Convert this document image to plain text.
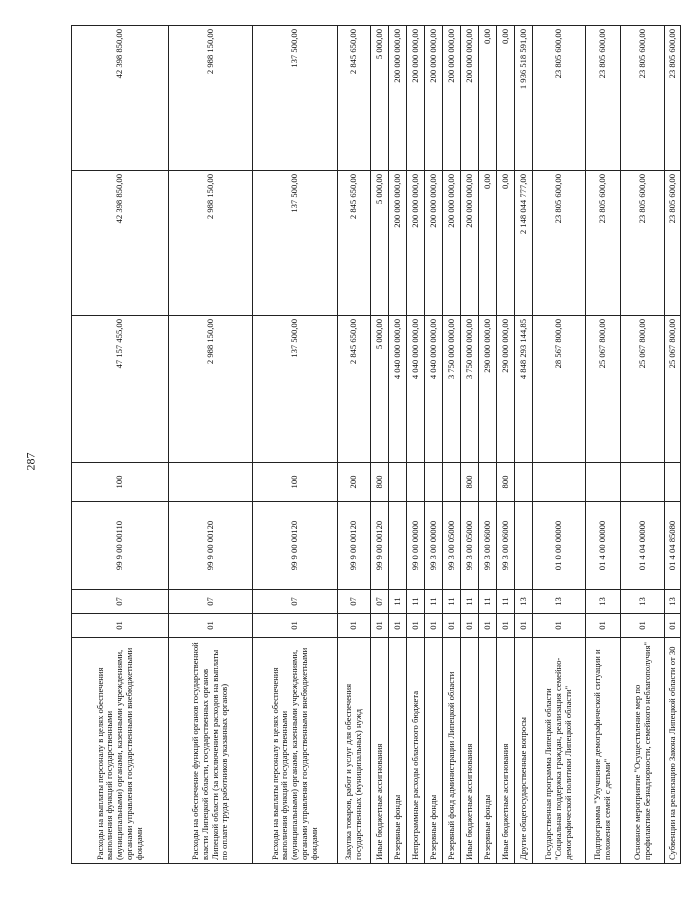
287
Расходы на выплаты персоналу в целях обеспечения выполнения функций государственными (муниципальными) органами, казенными учреждениями, органами управления государственными внебюджетными фондами	01	07	99 9 00 00110	100	47 157 455,00	42 398 850,00	42 398 850,00
Расходы на обеспечение функций органов государственной власти Липецкой области, государственных органов Липецкой области (за исключением расходов на выплаты по оплате труда работников указанных органов)	01	07	99 9 00 00120		2 988 150,00	2 988 150,00	2 988 150,00
Расходы на выплаты персоналу в целях обеспечения выполнения функций государственными (муниципальными) органами, казенными учреждениями, органами управления государственными внебюджетными фондами	01	07	99 9 00 00120	100	137 500,00	137 500,00	137 500,00
Закупка товаров, работ и услуг для обеспечения государственных (муниципальных) нужд	01	07	99 9 00 00120	200	2 845 650,00	2 845 650,00	2 845 650,00
Иные бюджетные ассигнования	01	07	99 9 00 00120	800	5 000,00	5 000,00	5 000,00
Резервные фонды	01	11			4 040 000 000,00	200 000 000,00	200 000 000,00
Непрограммные расходы областного бюджета	01	11	99 0 00 00000		4 040 000 000,00	200 000 000,00	200 000 000,00
Резервные фонды	01	11	99 3 00 00000		4 040 000 000,00	200 000 000,00	200 000 000,00
Резервный фонд администрации Липецкой области	01	11	99 3 00 05000		3 750 000 000,00	200 000 000,00	200 000 000,00
Иные бюджетные ассигнования	01	11	99 3 00 05000	800	3 750 000 000,00	200 000 000,00	200 000 000,00
Резервные фонды	01	11	99 3 00 06000		290 000 000,00	0,00	0,00
Иные бюджетные ассигнования	01	11	99 3 00 06000	800	290 000 000,00	0,00	0,00
Другие общегосударственные вопросы	01	13			4 848 293 144,85	2 148 044 777,00	1 936 518 591,00
Государственная программа Липецкой области "Социальная поддержка граждан, реализация семейно-демографической политики Липецкой области"	01	13	01 0 00 00000		28 567 800,00	23 805 600,00	23 805 600,00
Подпрограмма "Улучшение демографической ситуации и положения семей с детьми"	01	13	01 4 00 00000		25 067 800,00	23 805 600,00	23 805 600,00
Основное мероприятие "Осуществление мер по профилактике безнадзорности, семейного неблагополучия"	01	13	01 4 04 00000		25 067 800,00	23 805 600,00	23 805 600,00
Субвенции на реализацию Закона Липецкой области от 30	01	13	01 4 04 85080		25 067 800,00	23 805 600,00	23 805 600,00
